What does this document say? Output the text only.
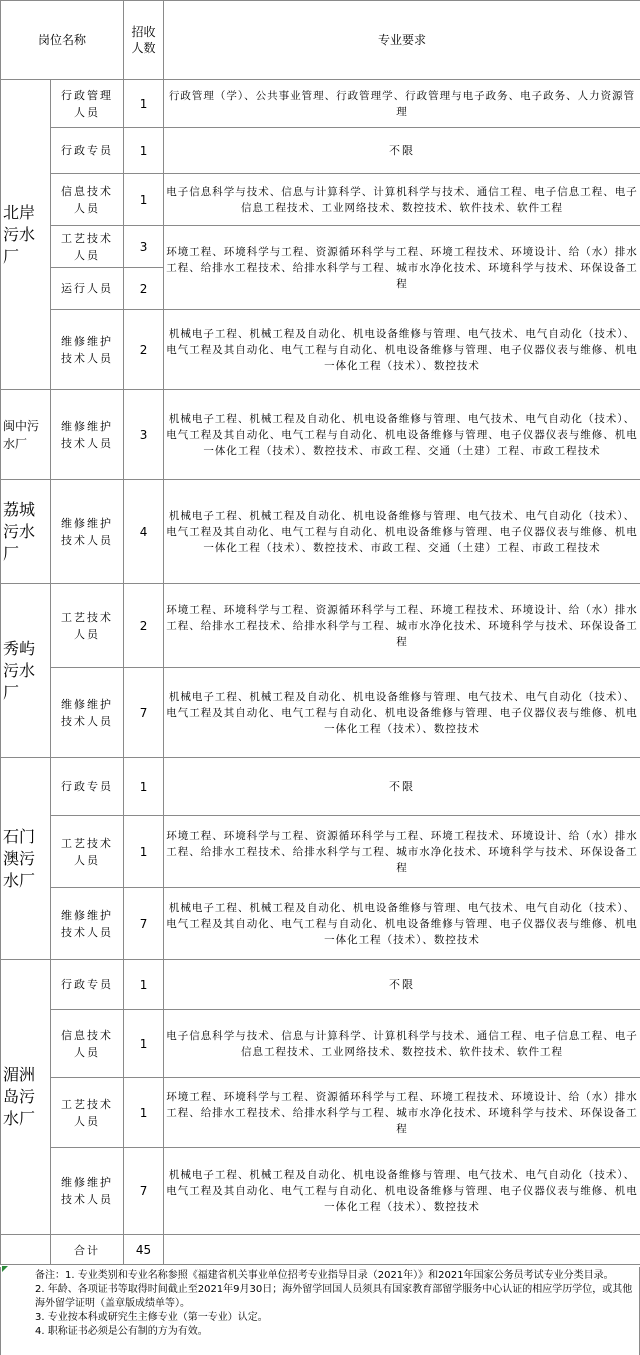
岗位名称		招收人数	专业要求
北岸污水厂	行政管理人员	1	行政管理（学）、公共事业管理、行政管理学、行政管理与电子政务、电子政务、人力资源管理
	行政专员	1	不限
	信息技术人员	1	电子信息科学与技术、信息与计算科学、计算机科学与技术、通信工程、电子信息工程、电子信息工程技术、工业网络技术、数控技术、软件技术、软件工程
	工艺技术人员	3	环境工程、环境科学与工程、资源循环科学与工程、环境工程技术、环境设计、给（水）排水工程、给排水工程技术、给排水科学与工程、城市水净化技术、环境科学与技术、环保设备工程
	运行人员	2	
	维修维护技术人员	2	机械电子工程、机械工程及自动化、机电设备维修与管理、电气技术、电气自动化（技术）、电气工程及其自动化、电气工程与自动化、机电设备维修与管理、电子仪器仪表与维修、机电一体化工程（技术）、数控技术
闽中污水厂	维修维护技术人员	3	机械电子工程、机械工程及自动化、机电设备维修与管理、电气技术、电气自动化（技术）、电气工程及其自动化、电气工程与自动化、机电设备维修与管理、电子仪器仪表与维修、机电一体化工程（技术）、数控技术、市政工程、交通（土建）工程、市政工程技术
荔城污水厂	维修维护技术人员	4	机械电子工程、机械工程及自动化、机电设备维修与管理、电气技术、电气自动化（技术）、电气工程及其自动化、电气工程与自动化、机电设备维修与管理、电子仪器仪表与维修、机电一体化工程（技术）、数控技术、市政工程、交通（土建）工程、市政工程技术
秀屿污水厂	工艺技术人员	2	环境工程、环境科学与工程、资源循环科学与工程、环境工程技术、环境设计、给（水）排水工程、给排水工程技术、给排水科学与工程、城市水净化技术、环境科学与技术、环保设备工程
	维修维护技术人员	7	机械电子工程、机械工程及自动化、机电设备维修与管理、电气技术、电气自动化（技术）、电气工程及其自动化、电气工程与自动化、机电设备维修与管理、电子仪器仪表与维修、机电一体化工程（技术）、数控技术
石门澳污水厂	行政专员	1	不限
	工艺技术人员	1	环境工程、环境科学与工程、资源循环科学与工程、环境工程技术、环境设计、给（水）排水工程、给排水工程技术、给排水科学与工程、城市水净化技术、环境科学与技术、环保设备工程
	维修维护技术人员	7	机械电子工程、机械工程及自动化、机电设备维修与管理、电气技术、电气自动化（技术）、电气工程及其自动化、电气工程与自动化、机电设备维修与管理、电子仪器仪表与维修、机电一体化工程（技术）、数控技术
湄洲岛污水厂	行政专员	1	不限
	信息技术人员	1	电子信息科学与技术、信息与计算科学、计算机科学与技术、通信工程、电子信息工程、电子信息工程技术、工业网络技术、数控技术、软件技术、软件工程
	工艺技术人员	1	环境工程、环境科学与工程、资源循环科学与工程、环境工程技术、环境设计、给（水）排水工程、给排水工程技术、给排水科学与工程、城市水净化技术、环境科学与技术、环保设备工程
	维修维护技术人员	7	机械电子工程、机械工程及自动化、机电设备维修与管理、电气技术、电气自动化（技术）、电气工程及其自动化、电气工程与自动化、机电设备维修与管理、电子仪器仪表与维修、机电一体化工程（技术）、数控技术
	合计	45	

备注：1. 专业类别和专业名称参照《福建省机关事业单位招考专业指导目录（2021年）》和2021年国家公务员考试专业分类目录。

2. 年龄、各项证书等取得时间截止至2021年9月30日；海外留学回国人员须具有国家教育部留学服务中心认证的相应学历学位，或其他海外留学证明（盖章版成绩单等）。

3. 专业按本科或研究生主修专业（第一专业）认定。

4. 职称证书必须是公有制的方为有效。
